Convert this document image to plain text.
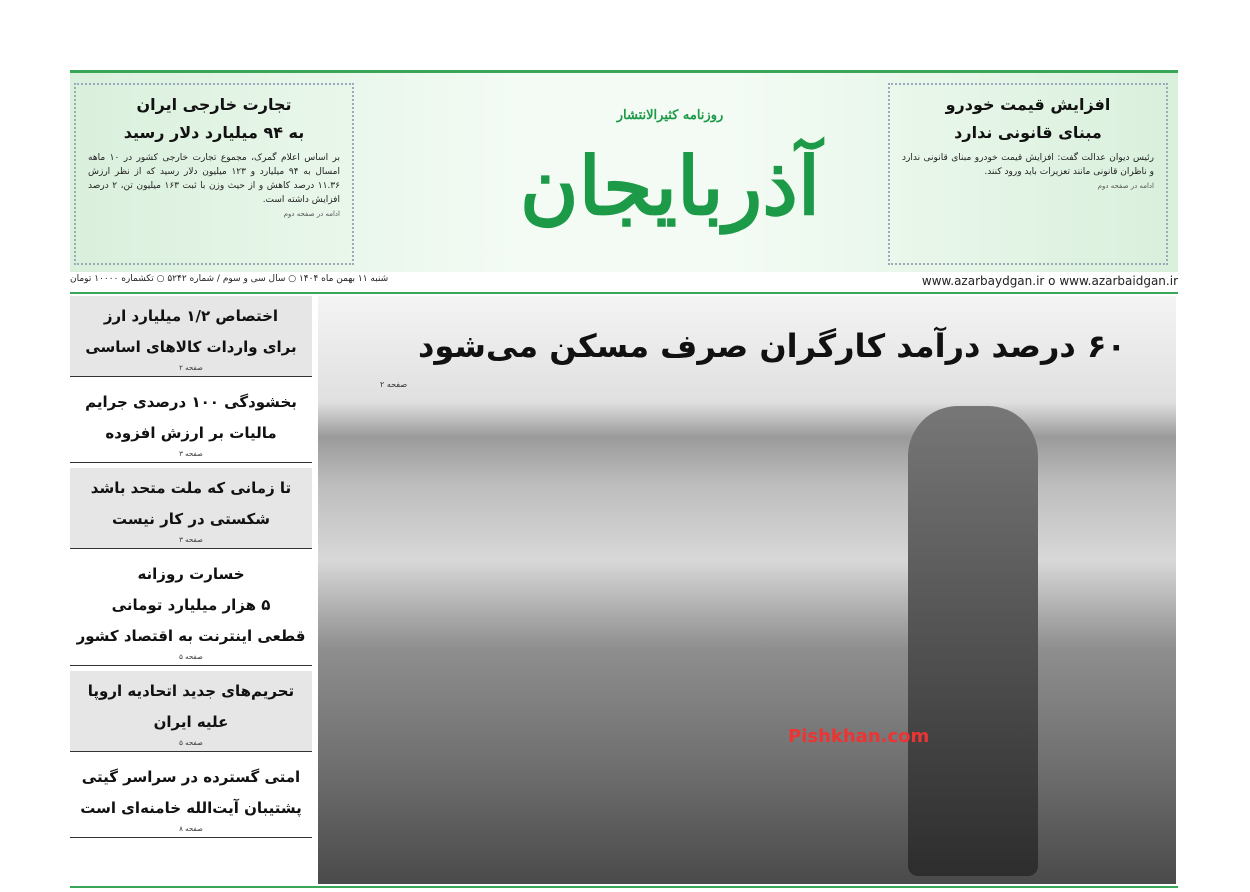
افزایش قیمت خودرو
مبنای قانونی ندارد

رئیس دیوان عدالت گفت: افزایش قیمت خودرو مبنای قانونی ندارد و ناظران قانونی مانند تعزیرات باید ورود کنند.

ادامه در صفحه دوم
روزنامه کثیرالانتشار
آذربایجان
تجارت خارجی ایران
به ۹۴ میلیارد دلار رسید

بر اساس اعلام گمرک، مجموع تجارت خارجی کشور در ۱۰ ماهه امسال به ۹۴ میلیارد و ۱۲۳ میلیون دلار رسید که از نظر ارزش ۱۱.۳۶ درصد کاهش و از حیث وزن با ثبت ۱۶۳ میلیون تن، ۲ درصد افزایش داشته است.

ادامه در صفحه دوم
www.azarbaydgan.ir o www.azarbaidgan.ir
شنبه ۱۱ بهمن ماه ۱۴۰۴ ○ سال سی و سوم / شماره ۵۲۴۲ ○ تکشماره ۱۰۰۰۰ تومان
اختصاص ۱/۲ میلیارد ارز
برای واردات کالاهای اساسی
صفحه ۲
بخشودگی ۱۰۰ درصدی جرایم
مالیات بر ارزش افزوده
صفحه ۳
تا زمانی که ملت متحد باشد
شکستی در کار نیست
صفحه ۳
خسارت روزانه
۵ هزار میلیارد تومانی
قطعی اینترنت به اقتصاد کشور
صفحه ۵
تحریم‌های جدید اتحادیه اروپا
علیه ایران
صفحه ۵
امتی گسترده در سراسر گیتی
پشتیبان آیت‌الله خامنه‌ای است
صفحه ۸
۶۰ درصد درآمد کارگران صرف مسکن می‌شود
صفحه ۲
Pishkhan.com
